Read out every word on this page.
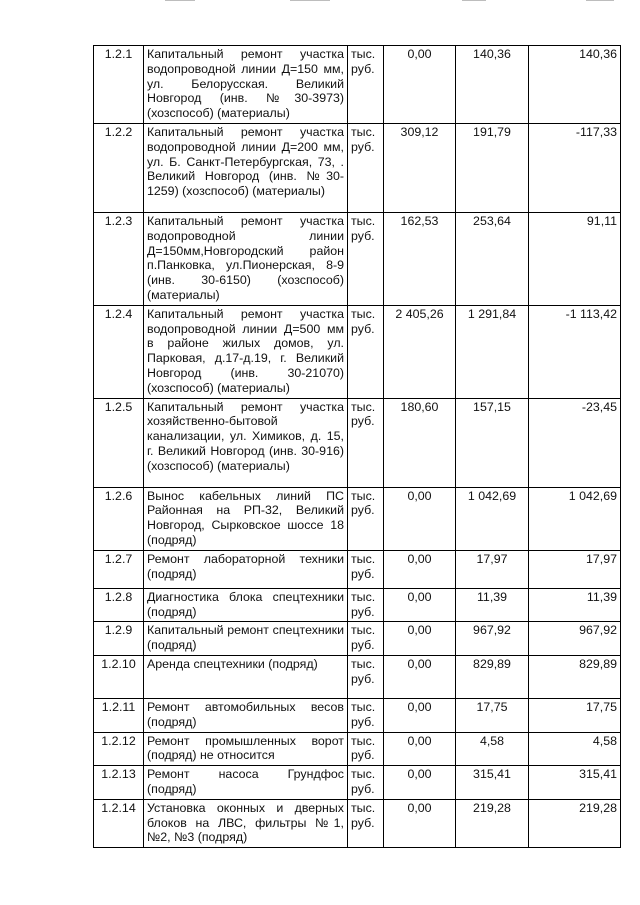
1.2.1	Капитальный ремонт участка водопроводной линии Д=150 мм, ул. Белорусская. Великий Новгород (инв. №30-3973) (хозспособ) (материалы)	тыс. руб.	0,00	140,36	140,36
1.2.2	Капитальный ремонт участка водопроводной линии Д=200 мм, ул. Б. Санкт-Петербургская, 73, . Великий Новгород (инв. №30-1259) (хозспособ) (материалы)	тыс. руб.	309,12	191,79	-117,33
1.2.3	Капитальный ремонт участка водопроводной линии Д=150мм,Новгородский район п.Панковка, ул.Пионерская, 8-9 (инв. 30-6150) (хозспособ) (материалы)	тыс. руб.	162,53	253,64	91,11
1.2.4	Капитальный ремонт участка водопроводной линии Д=500 мм в районе жилых домов, ул. Парковая, д.17-д.19, г. Великий Новгород (инв. 30-21070) (хозспособ) (материалы)	тыс. руб.	2 405,26	1 291,84	-1 113,42
1.2.5	Капитальный ремонт участка хозяйственно-бытовой канализации, ул. Химиков, д. 15, г. Великий Новгород (инв. 30-916) (хозспособ) (материалы)	тыс. руб.	180,60	157,15	-23,45
1.2.6	Вынос кабельных линий ПС Районная на РП-32, Великий Новгород, Сырковское шоссе 18 (подряд)	тыс. руб.	0,00	1 042,69	1 042,69
1.2.7	Ремонт лабораторной техники (подряд)	тыс. руб.	0,00	17,97	17,97
1.2.8	Диагностика блока спецтехники (подряд)	тыс. руб.	0,00	11,39	11,39
1.2.9	Капитальный ремонт спецтехники (подряд)	тыс. руб.	0,00	967,92	967,92
1.2.10	Аренда спецтехники (подряд)	тыс. руб.	0,00	829,89	829,89
1.2.11	Ремонт автомобильных весов (подряд)	тыс. руб.	0,00	17,75	17,75
1.2.12	Ремонт промышленных ворот (подряд) не относится	тыс. руб.	0,00	4,58	4,58
1.2.13	Ремонт насоса Грундфос (подряд)	тыс. руб.	0,00	315,41	315,41
1.2.14	Установка оконных и дверных блоков на ЛВС, фильтры №1, №2, №3 (подряд)	тыс. руб.	0,00	219,28	219,28
